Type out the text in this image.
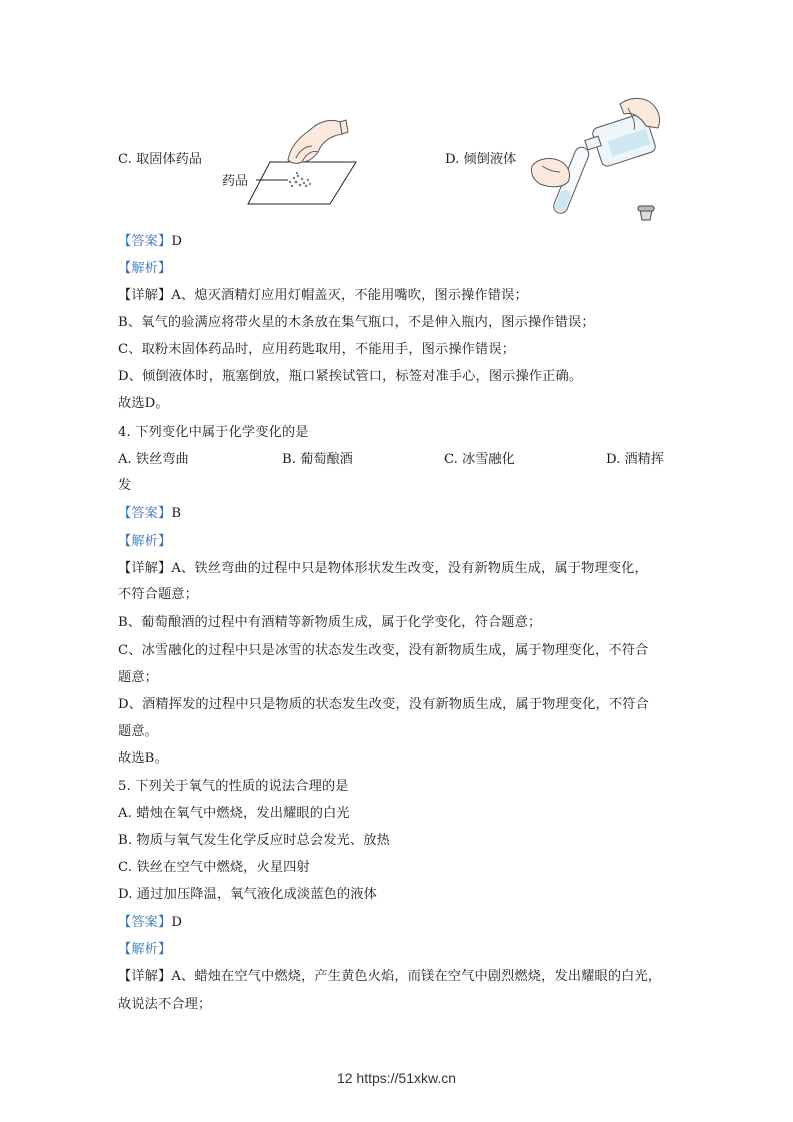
C. 取固体药品
药品
D. 倾倒液体
【答案】D
【解析】
【详解】A、熄灭酒精灯应用灯帽盖灭，不能用嘴吹，图示操作错误；
B、氧气的验满应将带火星的木条放在集气瓶口，不是伸入瓶内，图示操作错误；
C、取粉末固体药品时，应用药匙取用，不能用手，图示操作错误；
D、倾倒液体时，瓶塞倒放，瓶口紧挨试管口，标签对准手心，图示操作正确。
故选D。
4. 下列变化中属于化学变化的是
A. 铁丝弯曲	B. 葡萄酿酒	C. 冰雪融化	D. 酒精挥
发
【答案】B
【解析】
【详解】A、铁丝弯曲的过程中只是物体形状发生改变，没有新物质生成，属于物理变化，
不符合题意；
B、葡萄酿酒的过程中有酒精等新物质生成，属于化学变化，符合题意；
C、冰雪融化的过程中只是冰雪的状态发生改变，没有新物质生成，属于物理变化，不符合
题意；
D、酒精挥发的过程中只是物质的状态发生改变，没有新物质生成，属于物理变化，不符合
题意。
故选B。
5. 下列关于氧气的性质的说法合理的是
A. 蜡烛在氧气中燃烧，发出耀眼的白光
B. 物质与氧气发生化学反应时总会发光、放热
C. 铁丝在空气中燃烧，火星四射
D. 通过加压降温，氧气液化成淡蓝色的液体
【答案】D
【解析】
【详解】A、蜡烛在空气中燃烧，产生黄色火焰，而镁在空气中剧烈燃烧，发出耀眼的白光，
故说法不合理；
12 https://51xkw.cn
